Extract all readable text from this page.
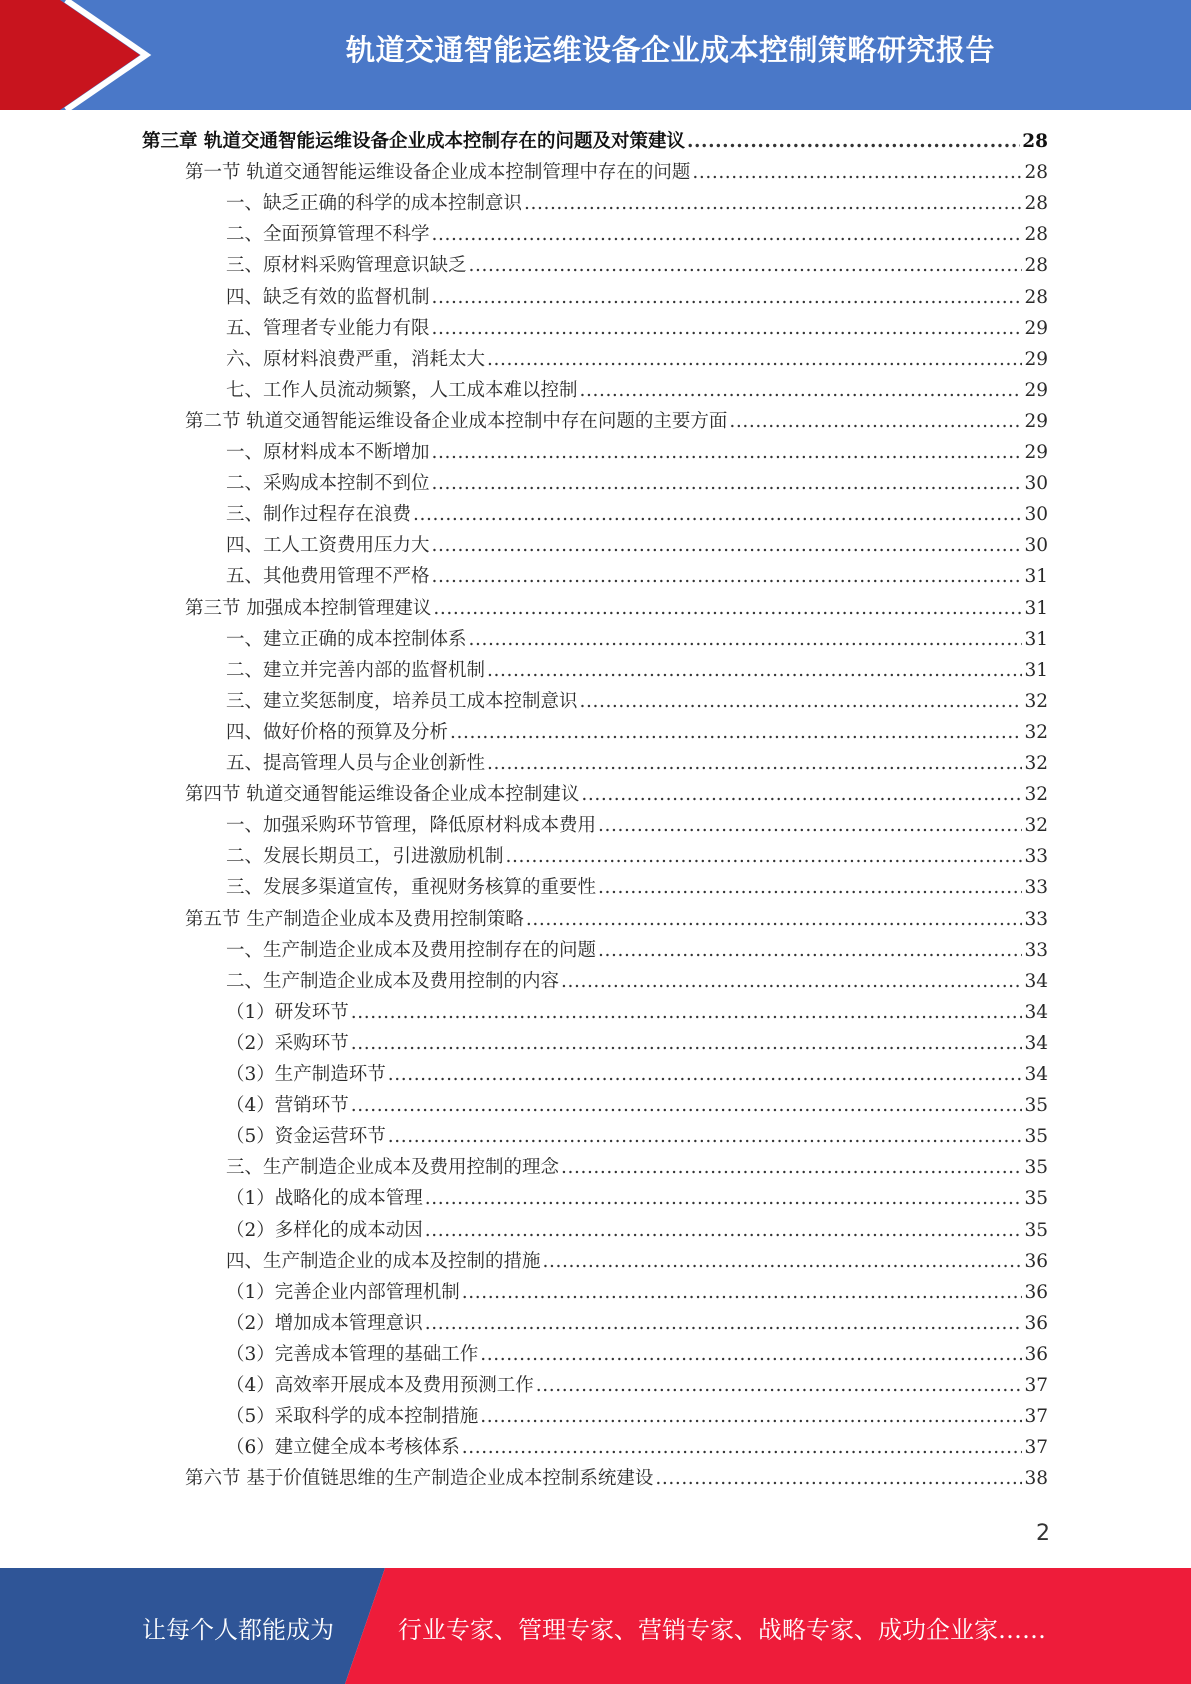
轨道交通智能运维设备企业成本控制策略研究报告
第三章 轨道交通智能运维设备企业成本控制存在的问题及对策建议 .....	28
第一节 轨道交通智能运维设备企业成本控制管理中存在的问题 .....	28
一、缺乏正确的科学的成本控制意识 .....	28
二、全面预算管理不科学 .....	28
三、原材料采购管理意识缺乏 .....	28
四、缺乏有效的监督机制 .....	28
五、管理者专业能力有限 .....	29
六、原材料浪费严重，消耗太大 .....	29
七、工作人员流动频繁，人工成本难以控制 .....	29
第二节 轨道交通智能运维设备企业成本控制中存在问题的主要方面 .....	29
一、原材料成本不断增加 .....	29
二、采购成本控制不到位 .....	30
三、制作过程存在浪费 .....	30
四、工人工资费用压力大 .....	30
五、其他费用管理不严格 .....	31
第三节 加强成本控制管理建议 .....	31
一、建立正确的成本控制体系 .....	31
二、建立并完善内部的监督机制 .....	31
三、建立奖惩制度，培养员工成本控制意识 .....	32
四、做好价格的预算及分析 .....	32
五、提高管理人员与企业创新性 .....	32
第四节 轨道交通智能运维设备企业成本控制建议 .....	32
一、加强采购环节管理，降低原材料成本费用 .....	32
二、发展长期员工，引进激励机制 .....	33
三、发展多渠道宣传，重视财务核算的重要性 .....	33
第五节 生产制造企业成本及费用控制策略 .....	33
一、生产制造企业成本及费用控制存在的问题 .....	33
二、生产制造企业成本及费用控制的内容 .....	34
（1）研发环节 .....	34
（2）采购环节 .....	34
（3）生产制造环节 .....	34
（4）营销环节 .....	35
（5）资金运营环节 .....	35
三、生产制造企业成本及费用控制的理念 .....	35
（1）战略化的成本管理 .....	35
（2）多样化的成本动因 .....	35
四、生产制造企业的成本及控制的措施 .....	36
（1）完善企业内部管理机制 .....	36
（2）增加成本管理意识 .....	36
（3）完善成本管理的基础工作 .....	36
（4）高效率开展成本及费用预测工作 .....	37
（5）采取科学的成本控制措施 .....	37
（6）建立健全成本考核体系 .....	37
第六节 基于价值链思维的生产制造企业成本控制系统建设 .....	38
2
让每个人都能成为	行业专家、管理专家、营销专家、战略专家、成功企业家……
